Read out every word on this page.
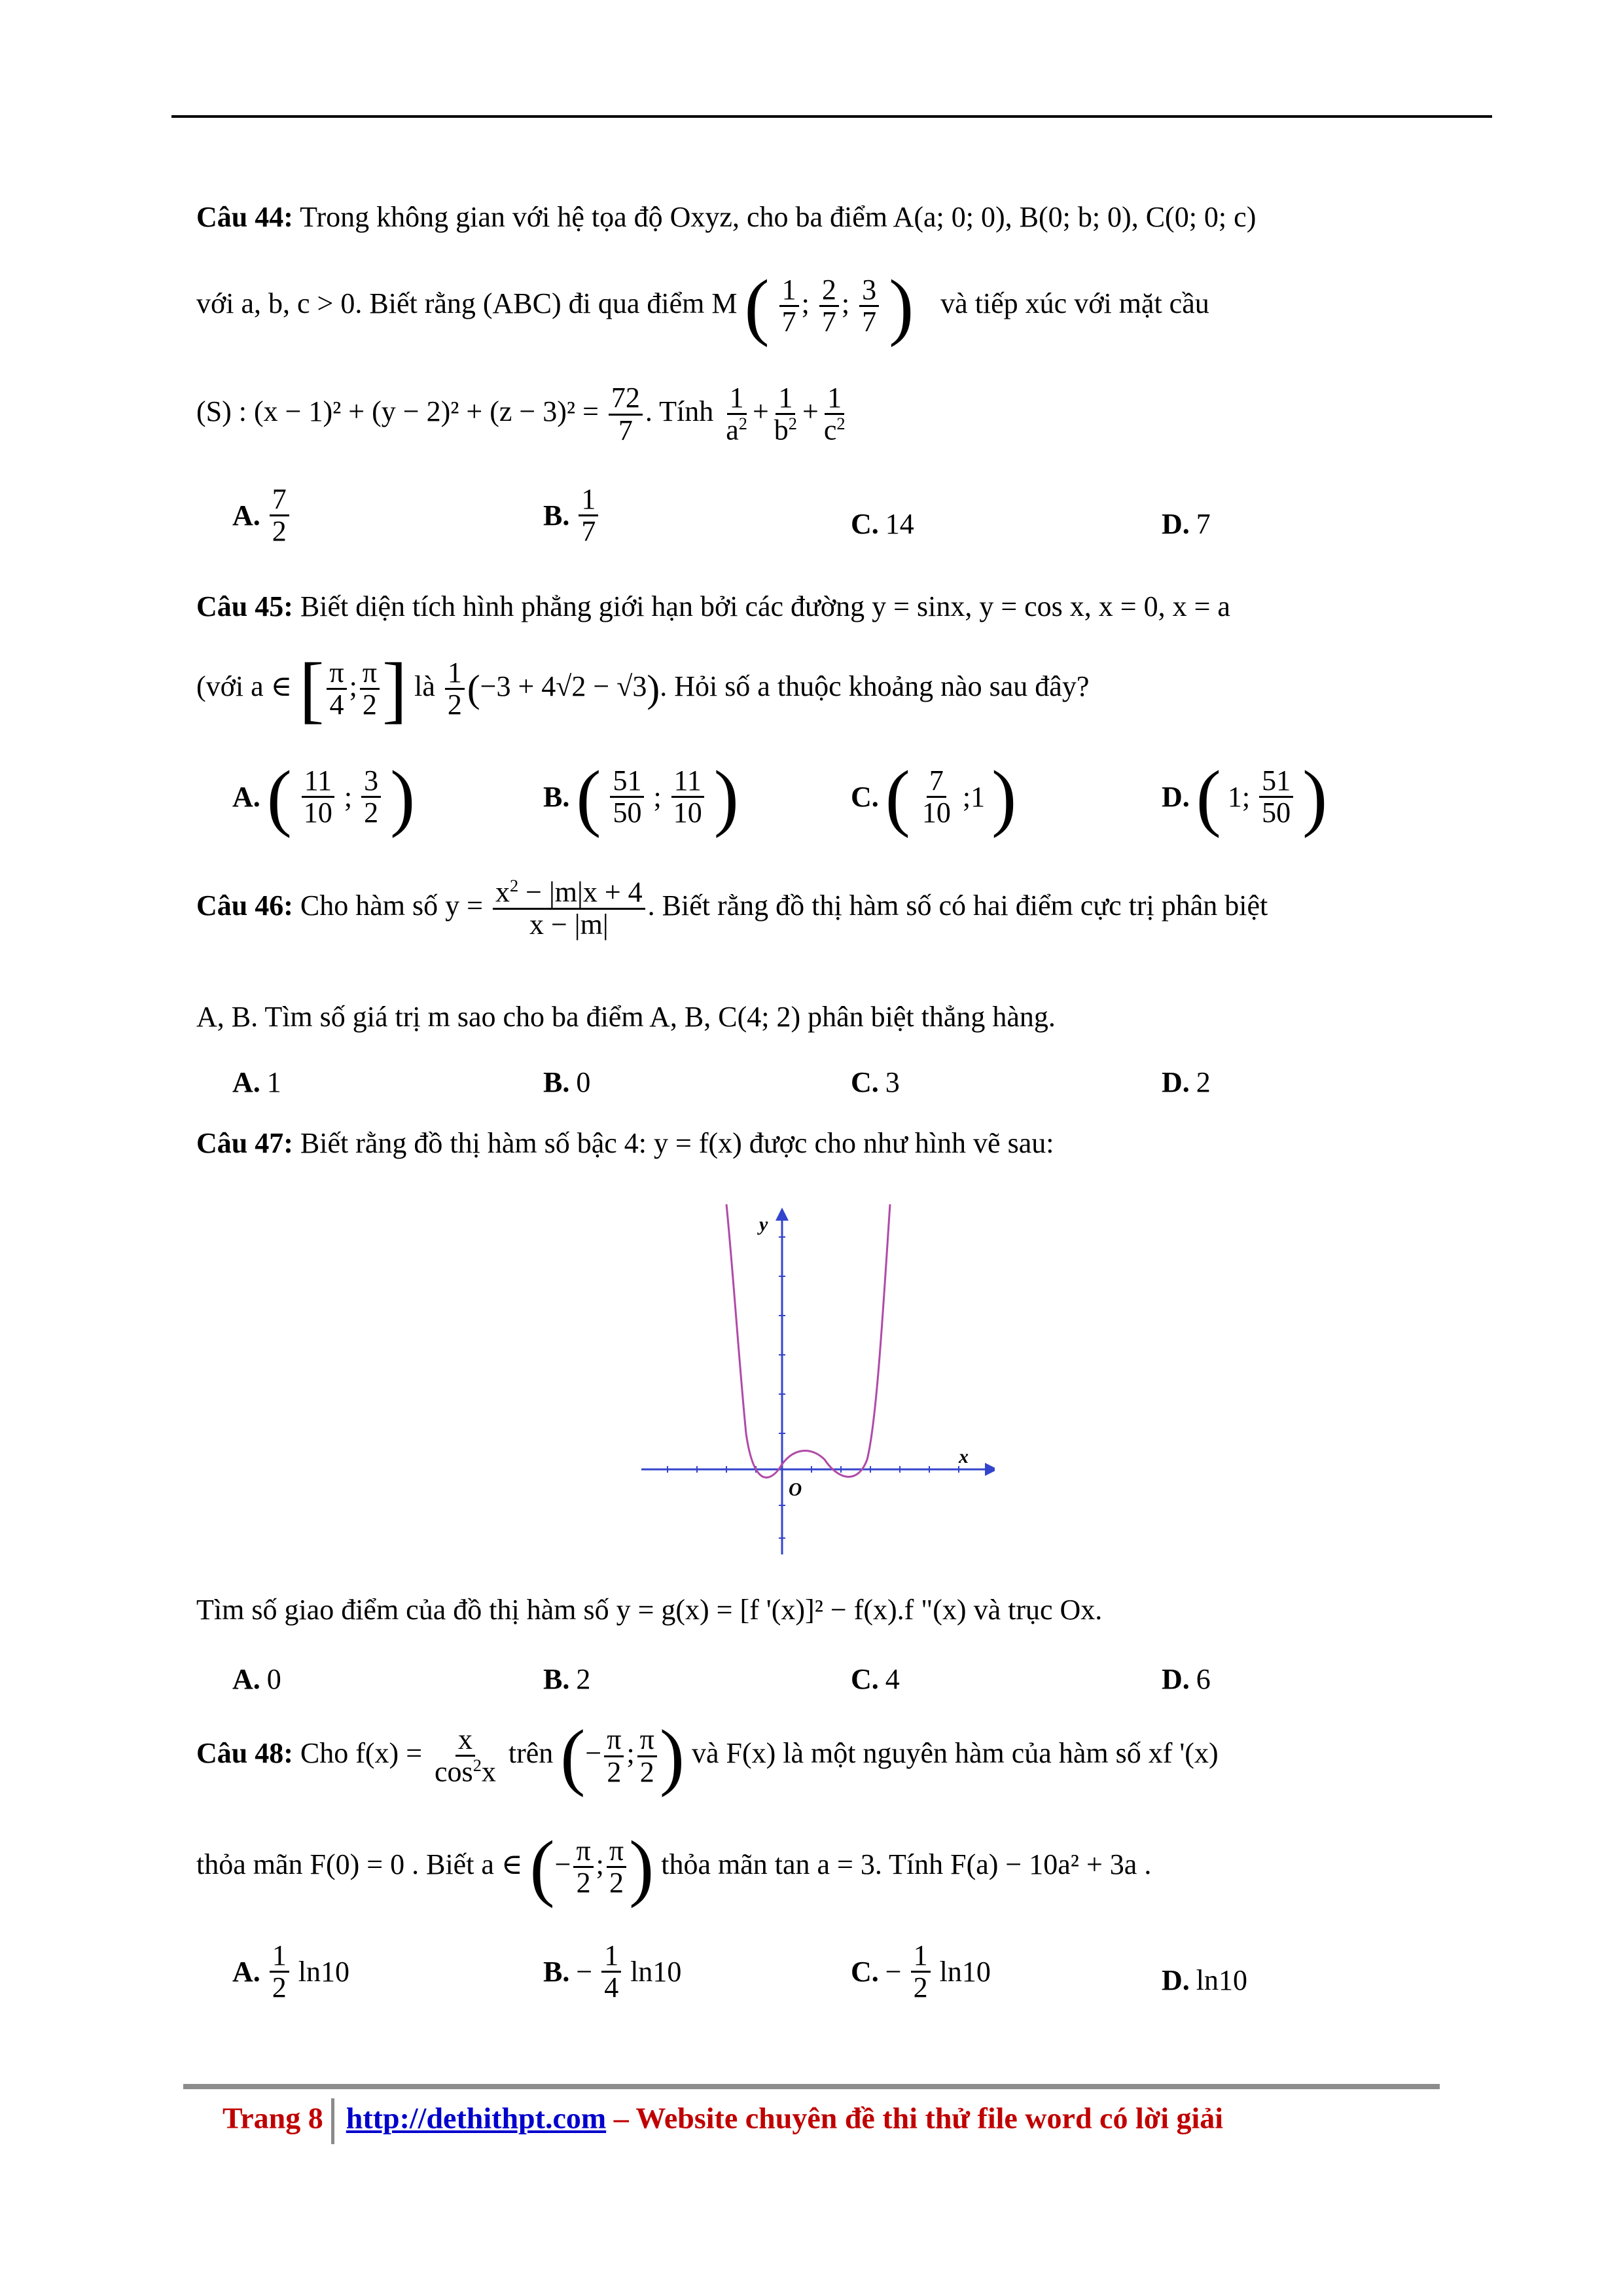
Câu 44: Trong không gian với hệ tọa độ Oxyz, cho ba điểm A(a; 0; 0), B(0; b; 0), C(0; 0; c)
với a, b, c > 0. Biết rằng (ABC) đi qua điểm M ( $\frac{1}{7}$ ; $\frac{2}{7}$ ; $\frac{3}{7}$ ) và tiếp xúc với mặt cầu
(S) : $(x - 1)^2 + (y - 2)^2 + (z - 3)^2 = \frac{72}{7}$ . Tính $\frac{1}{a^2} + \frac{1}{b^2} + \frac{1}{c^2}$
A. $\frac{7}{2}$	B. $\frac{1}{7}$	C. 14	D. 7
Câu 45: Biết diện tích hình phẳng giới hạn bởi các đường y = sinx, y = cos x, x = 0, x = a
(với a ∈ [ $\frac{\pi}{4}$ ; $\frac{\pi}{2}$ ] là $\frac{1}{2} (-3 + 4√2 - √3)$. Hỏi số a thuộc khoảng nào sau đây?
A. ( $\frac{11}{10}$ ; $\frac{3}{2}$ )	B. ( $\frac{51}{50}$ ; $\frac{11}{10}$ )	C. ( $\frac{7}{10}$ ;1 )	D. ( 1; $\frac{51}{50}$ )
Câu 46: Cho hàm số $y = \frac{x^2 - |m|x + 4}{x - |m|}$ . Biết rằng đồ thị hàm số có hai điểm cực trị phân biệt
A, B. Tìm số giá trị m sao cho ba điểm A, B, C(4; 2) phân biệt thẳng hàng.
A. 1	B. 0	C. 3	D. 2
Câu 47: Biết rằng đồ thị hàm số bậc 4: y = f(x) được cho như hình vẽ sau:
y
x
O
Tìm số giao điểm của đồ thị hàm số y = g(x) = [f '(x)]² − f(x).f "(x) và trục Ox.
A. 0	B. 2	C. 4	D. 6
Câu 48: Cho $f(x) = \frac{x}{\cos^2x}$ trên (− $\frac{\pi}{2}$ ; $\frac{\pi}{2}$ ) và F(x) là một nguyên hàm của hàm số xf '(x)
thỏa mãn F(0) = 0 . Biết a ∈ (− $\frac{\pi}{2}$ ; $\frac{\pi}{2}$ ) thỏa mãn tan a = 3. Tính F(a) − 10a² + 3a .
A. $\frac{1}{2} \ln 10$	B. − $\frac{1}{4} \ln 10$	C. − $\frac{1}{2} \ln 10$	D. ln10
Trang 8 http://dethithpt.com – Website chuyên đề thi thử file word có lời giải
